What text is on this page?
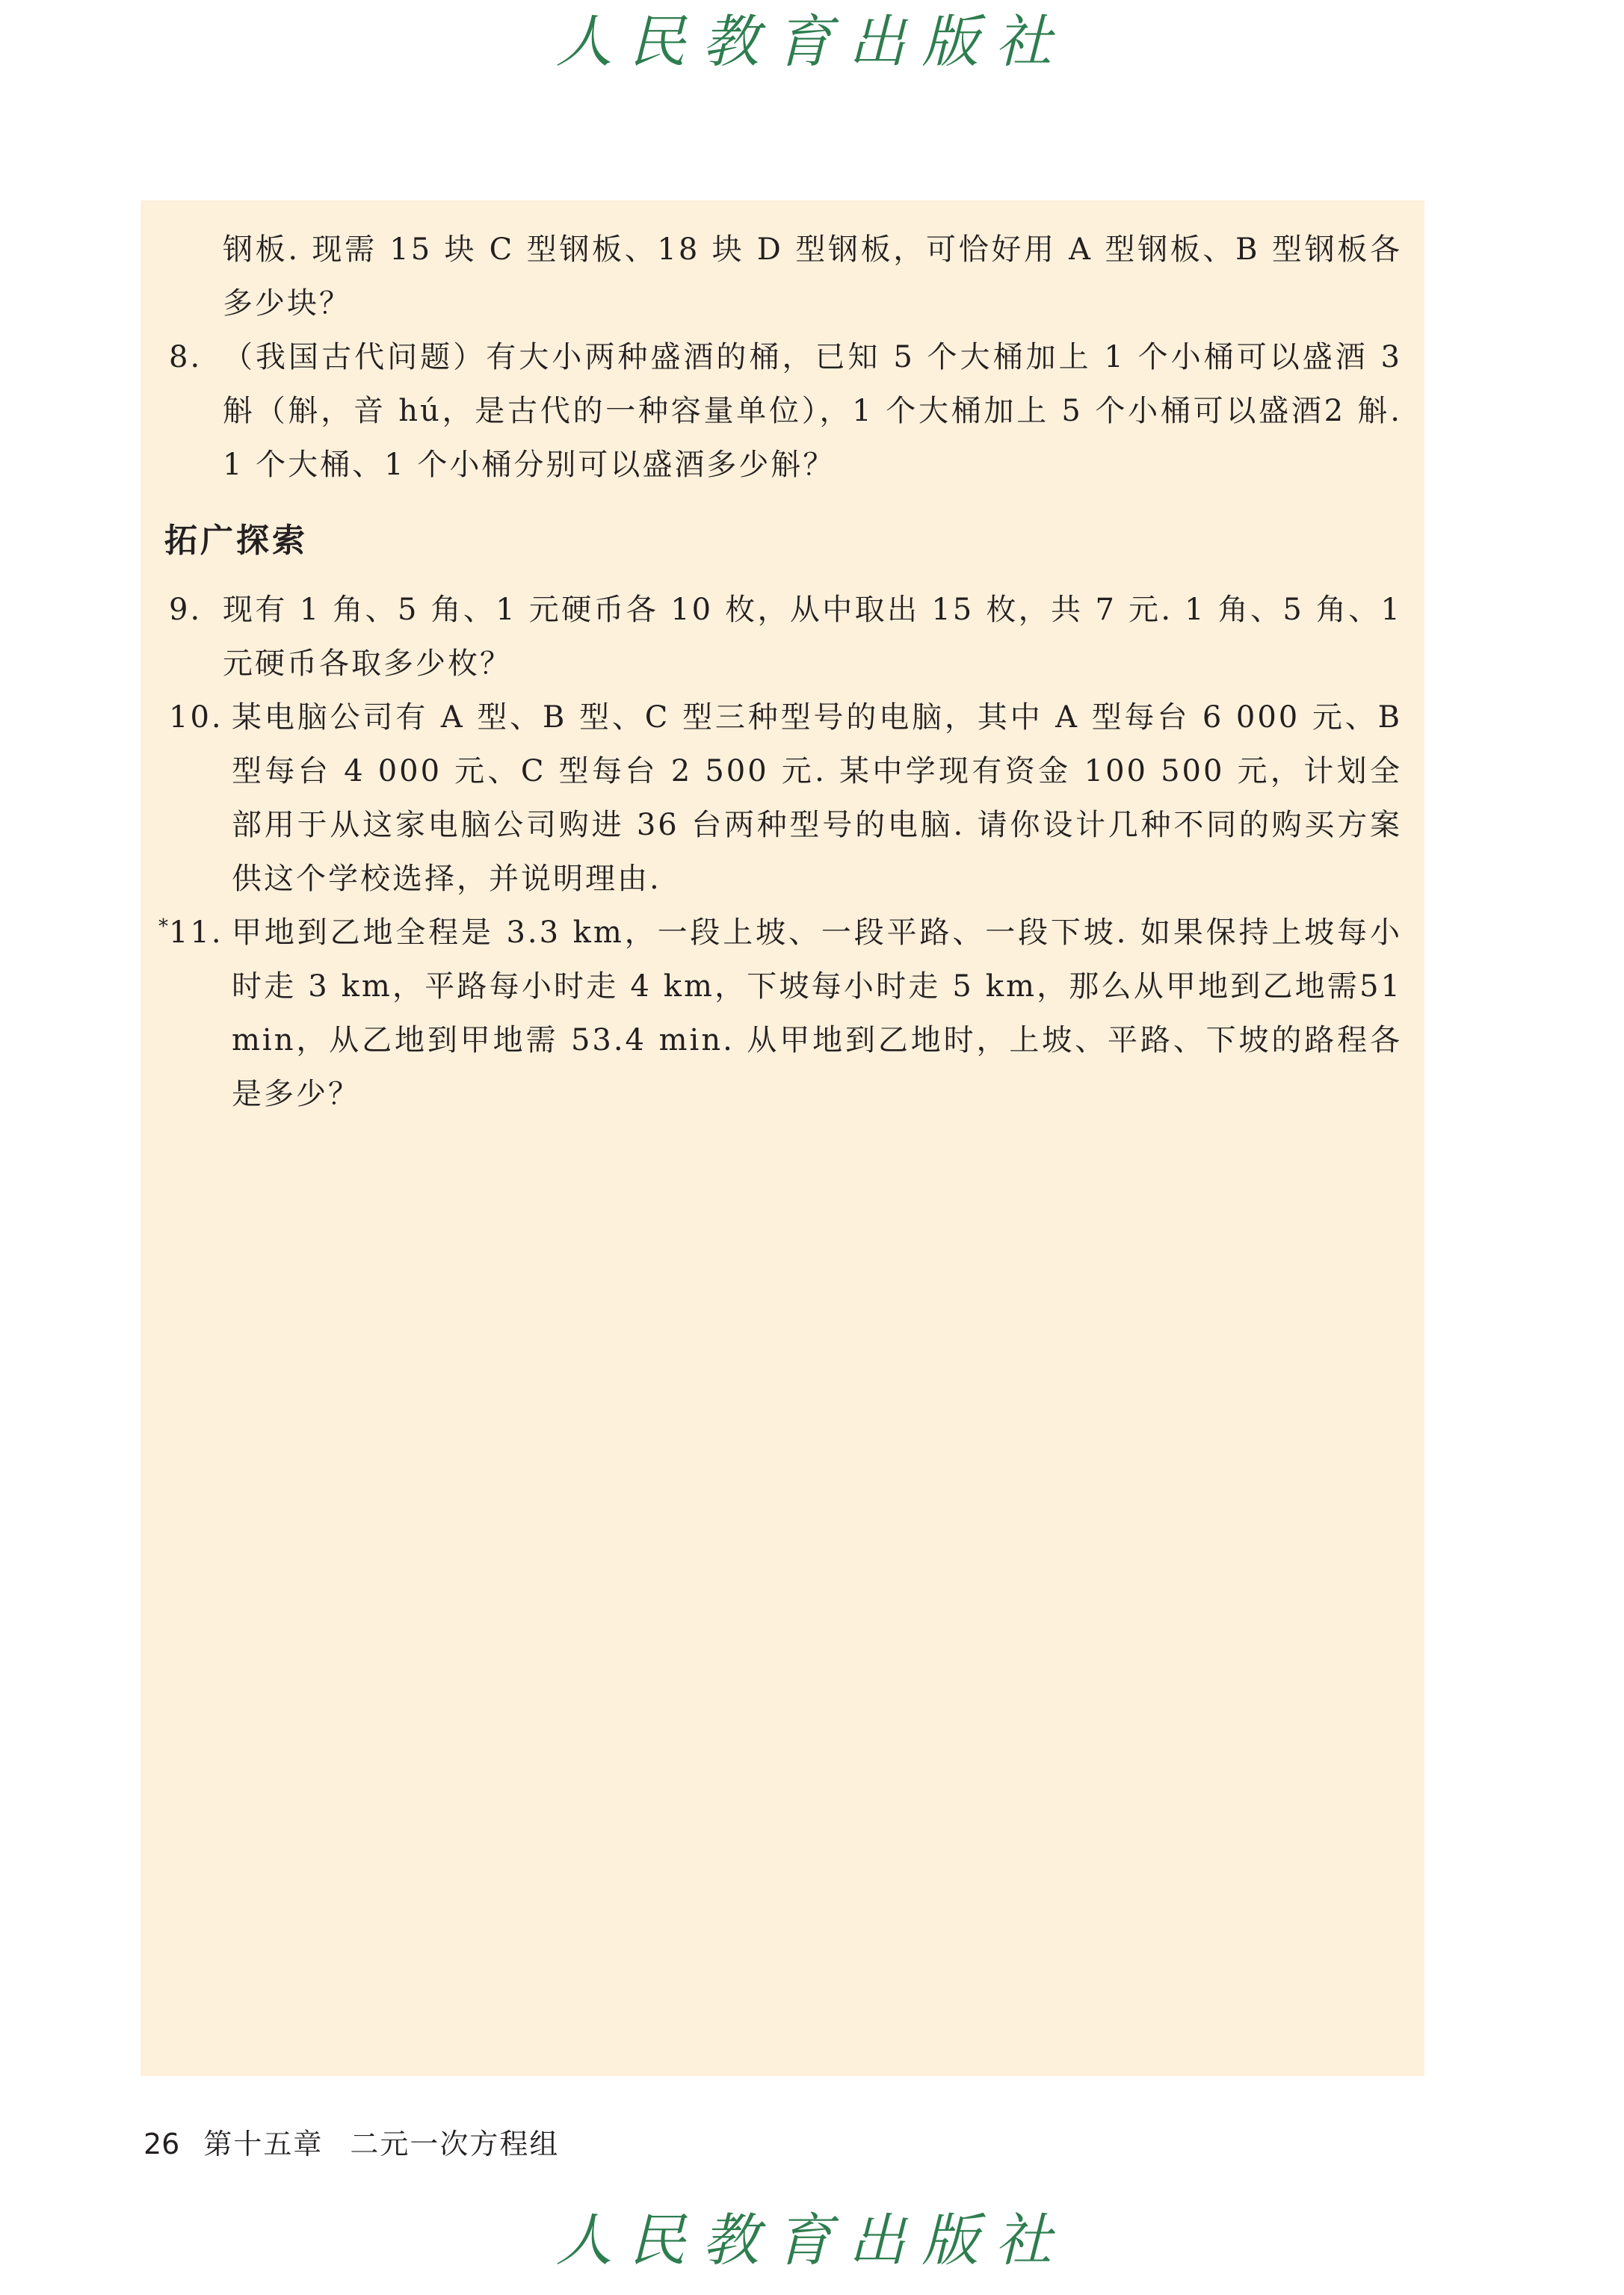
人民教育出版社
钢板. 现需 15 块 C 型钢板、18 块 D 型钢板，可恰好用 A 型钢板、B 型钢板各多少块？
8. （我国古代问题）有大小两种盛酒的桶，已知 5 个大桶加上 1 个小桶可以盛酒 3 斛（斛，音 hú，是古代的一种容量单位），1 个大桶加上 5 个小桶可以盛酒2 斛. 1 个大桶、1 个小桶分别可以盛酒多少斛？
拓广探索
9. 现有 1 角、5 角、1 元硬币各 10 枚，从中取出 15 枚，共 7 元. 1 角、5 角、1 元硬币各取多少枚？
10. 某电脑公司有 A 型、B 型、C 型三种型号的电脑，其中 A 型每台 6 000 元、B 型每台 4 000 元、C 型每台 2 500 元. 某中学现有资金 100 500 元，计划全部用于从这家电脑公司购进 36 台两种型号的电脑. 请你设计几种不同的购买方案供这个学校选择，并说明理由.
*
11. 甲地到乙地全程是 3.3 km，一段上坡、一段平路、一段下坡. 如果保持上坡每小时走 3 km，平路每小时走 4 km，下坡每小时走 5 km，那么从甲地到乙地需51 min，从乙地到甲地需 53.4 min. 从甲地到乙地时，上坡、平路、下坡的路程各是多少？
26 第十五章 二元一次方程组
人民教育出版社
